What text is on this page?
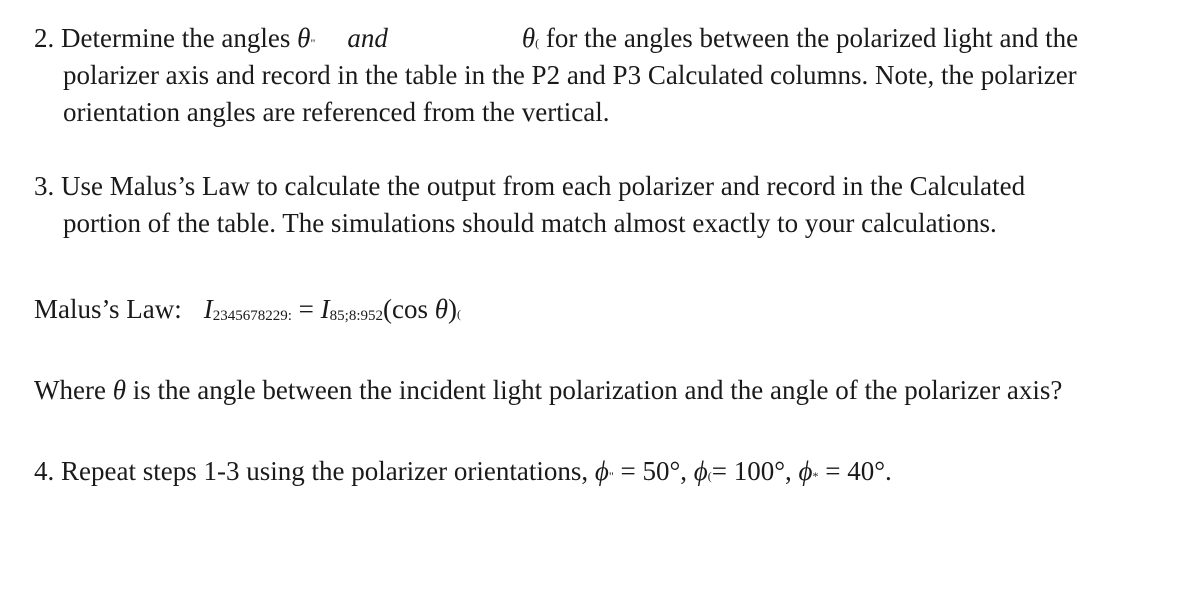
2. Determine the angles θ" and	θ( for the angles between the polarized light and the
polarizer axis and record in the table in the P2 and P3 Calculated columns. Note, the polarizer
orientation angles are referenced from the vertical.
3. Use Malus’s Law to calculate the output from each polarizer and record in the Calculated
portion of the table. The simulations should match almost exactly to your calculations.
Malus’s Law: I2345678229: = I85;8:952(cos θ)(
Where θ is the angle between the incident light polarization and the angle of the polarizer axis?
4. Repeat steps 1-3 using the polarizer orientations, ϕ" = 50°, ϕ(= 100°, ϕ* = 40°.
